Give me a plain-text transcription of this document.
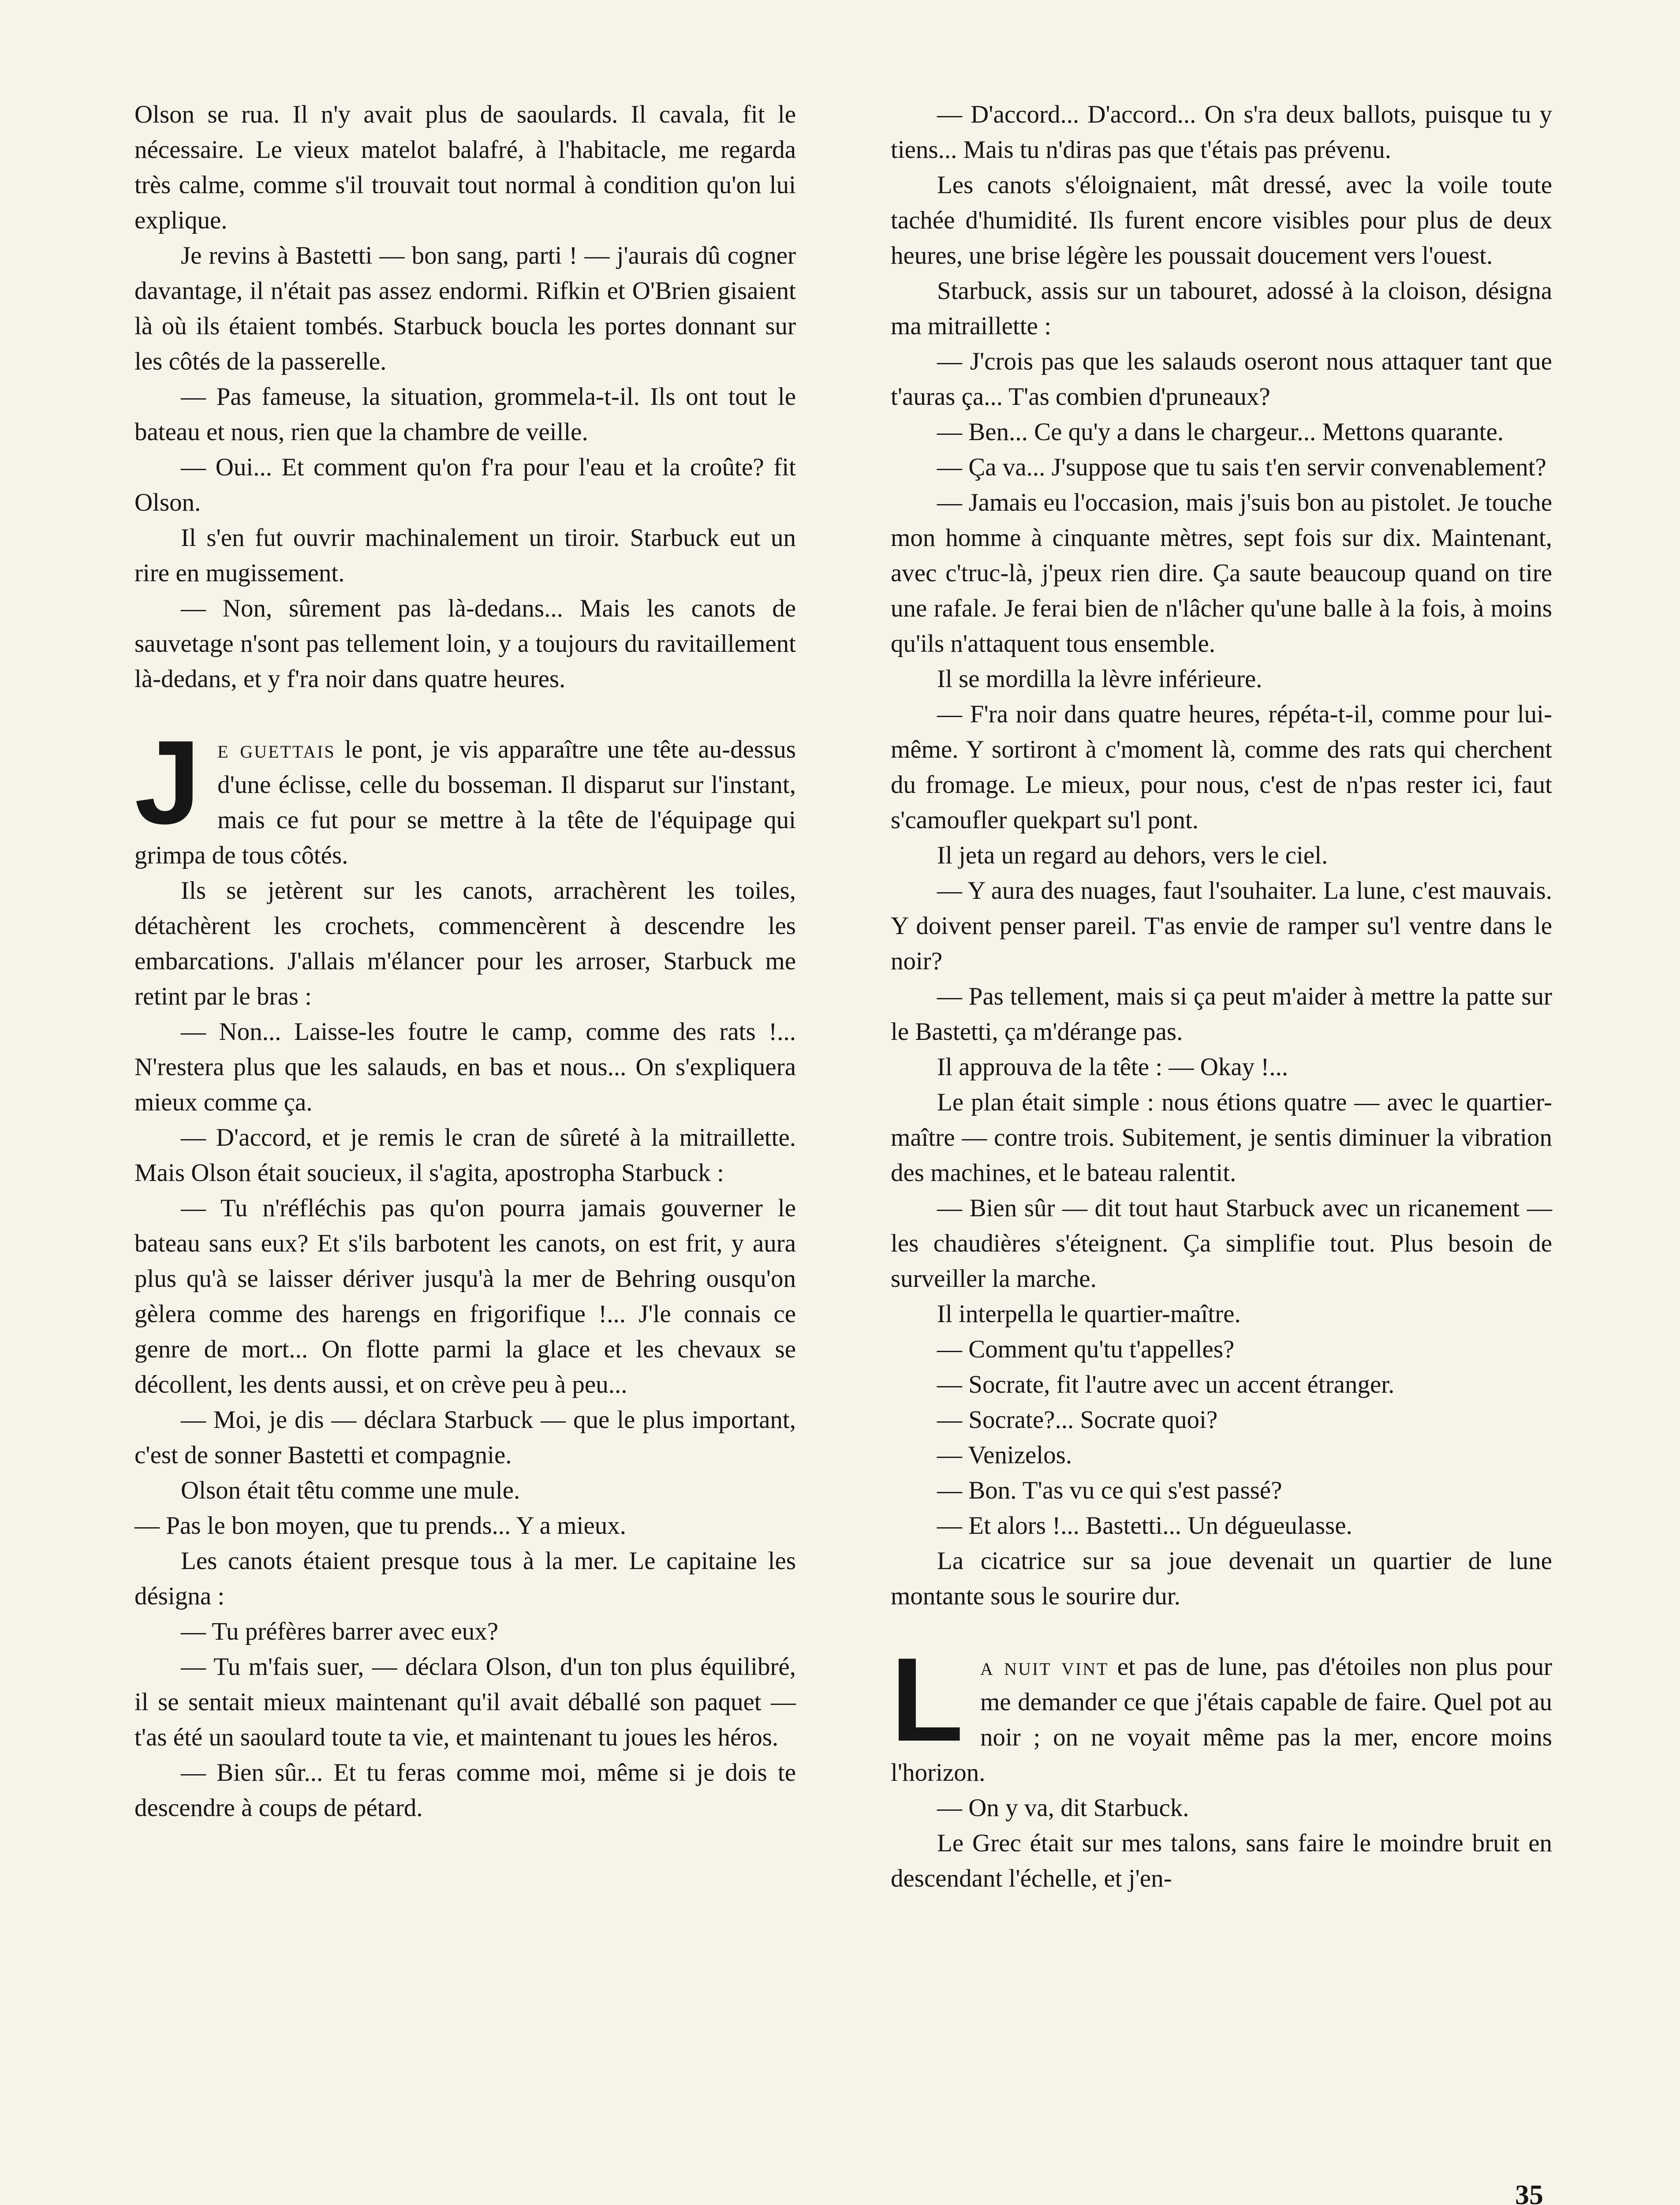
Olson se rua. Il n'y avait plus de saoulards. Il cavala, fit le nécessaire. Le vieux matelot balafré, à l'habitacle, me regarda très calme, comme s'il trouvait tout normal à condition qu'on lui explique.

Je revins à Bastetti — bon sang, parti ! — j'aurais dû cogner davantage, il n'était pas assez endormi. Rifkin et O'Brien gisaient là où ils étaient tombés. Starbuck boucla les portes donnant sur les côtés de la passerelle.

— Pas fameuse, la situation, grommela-t-il. Ils ont tout le bateau et nous, rien que la chambre de veille.

— Oui... Et comment qu'on f'ra pour l'eau et la croûte? fit Olson.

Il s'en fut ouvrir machinalement un tiroir. Starbuck eut un rire en mugissement.

— Non, sûrement pas là-dedans... Mais les canots de sauvetage n'sont pas tellement loin, y a toujours du ravitaillement là-dedans, et y f'ra noir dans quatre heures.

Je guettais le pont, je vis apparaître une tête au-dessus d'une éclisse, celle du bosseman. Il disparut sur l'instant, mais ce fut pour se mettre à la tête de l'équipage qui grimpa de tous côtés.

Ils se jetèrent sur les canots, arrachèrent les toiles, détachèrent les crochets, commencèrent à descendre les embarcations. J'allais m'élancer pour les arroser, Starbuck me retint par le bras :

— Non... Laisse-les foutre le camp, comme des rats !... N'restera plus que les salauds, en bas et nous... On s'expliquera mieux comme ça.

— D'accord, et je remis le cran de sûreté à la mitraillette. Mais Olson était soucieux, il s'agita, apostropha Starbuck :

— Tu n'réfléchis pas qu'on pourra jamais gouverner le bateau sans eux? Et s'ils barbotent les canots, on est frit, y aura plus qu'à se laisser dériver jusqu'à la mer de Behring ousqu'on gèlera comme des harengs en frigorifique !... J'le connais ce genre de mort... On flotte parmi la glace et les chevaux se décollent, les dents aussi, et on crève peu à peu...

— Moi, je dis — déclara Starbuck — que le plus important, c'est de sonner Bastetti et compagnie.

Olson était têtu comme une mule.

— Pas le bon moyen, que tu prends... Y a mieux.

Les canots étaient presque tous à la mer. Le capitaine les désigna :

— Tu préfères barrer avec eux?

— Tu m'fais suer, — déclara Olson, d'un ton plus équilibré, il se sentait mieux maintenant qu'il avait déballé son paquet — t'as été un saoulard toute ta vie, et maintenant tu joues les héros.

— Bien sûr... Et tu feras comme moi, même si je dois te descendre à coups de pétard.

— D'accord... D'accord... On s'ra deux ballots, puisque tu y tiens... Mais tu n'diras pas que t'étais pas prévenu.

Les canots s'éloignaient, mât dressé, avec la voile toute tachée d'humidité. Ils furent encore visibles pour plus de deux heures, une brise légère les poussait doucement vers l'ouest.

Starbuck, assis sur un tabouret, adossé à la cloison, désigna ma mitraillette :

— J'crois pas que les salauds oseront nous attaquer tant que t'auras ça... T'as combien d'pruneaux?

— Ben... Ce qu'y a dans le chargeur... Mettons quarante.

— Ça va... J'suppose que tu sais t'en servir convenablement?

— Jamais eu l'occasion, mais j'suis bon au pistolet. Je touche mon homme à cinquante mètres, sept fois sur dix. Maintenant, avec c'truc-là, j'peux rien dire. Ça saute beaucoup quand on tire une rafale. Je ferai bien de n'lâcher qu'une balle à la fois, à moins qu'ils n'attaquent tous ensemble.

Il se mordilla la lèvre inférieure.

— F'ra noir dans quatre heures, répéta-t-il, comme pour lui-même. Y sortiront à c'moment là, comme des rats qui cherchent du fromage. Le mieux, pour nous, c'est de n'pas rester ici, faut s'camoufler quekpart su'l pont.

Il jeta un regard au dehors, vers le ciel.

— Y aura des nuages, faut l'souhaiter. La lune, c'est mauvais. Y doivent penser pareil. T'as envie de ramper su'l ventre dans le noir?

— Pas tellement, mais si ça peut m'aider à mettre la patte sur le Bastetti, ça m'dérange pas.

Il approuva de la tête : — Okay !...

Le plan était simple : nous étions quatre — avec le quartier-maître — contre trois. Subitement, je sentis diminuer la vibration des machines, et le bateau ralentit.

— Bien sûr — dit tout haut Starbuck avec un ricanement — les chaudières s'éteignent. Ça simplifie tout. Plus besoin de surveiller la marche.

Il interpella le quartier-maître.

— Comment qu'tu t'appelles?

— Socrate, fit l'autre avec un accent étranger.

— Socrate?... Socrate quoi?

— Venizelos.

— Bon. T'as vu ce qui s'est passé?

— Et alors !... Bastetti... Un dégueulasse.

La cicatrice sur sa joue devenait un quartier de lune montante sous le sourire dur.

La nuit vint et pas de lune, pas d'étoiles non plus pour me demander ce que j'étais capable de faire. Quel pot au noir ; on ne voyait même pas la mer, encore moins l'horizon.

— On y va, dit Starbuck.

Le Grec était sur mes talons, sans faire le moindre bruit en descendant l'échelle, et j'en-

35
